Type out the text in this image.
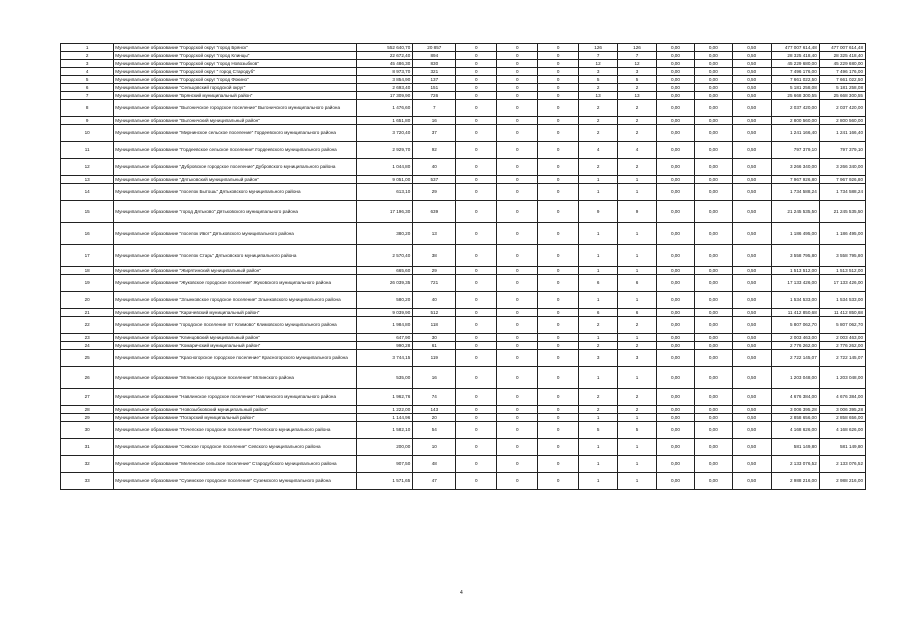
1	Муниципальное образование "Городской округ "город Брянск"	552 640,70	20 857	0	0	0	126	126	0,00	0,00	0,50	477 007 614,48	477 007 614,48
2	Муниципальное образование "Городской округ "город Клинцы"	22 672,40	894	0	0	0	7	7	0,00	0,00	0,50	28 325 418,40	28 325 418,40
3	Муниципальное образование "Городской округ "город Новозыбков"	45 486,30	830	0	0	0	12	12	0,00	0,00	0,50	45 229 680,00	45 229 680,00
4	Муниципальное образование "Городской округ " город Стародуб"	8 973,70	321	0	0	0	3	3	0,00	0,00	0,50	7 496 176,00	7 496 176,00
5	Муниципальное образование "Городской округ "город Фокино"	3 854,90	137	0	0	0	5	5	0,00	0,00	0,50	7 661 022,50	7 661 022,50
6	Муниципальное образование "Сельцовский городской округ"	2 693,40	151	0	0	0	2	2	0,00	0,00	0,50	5 181 258,08	5 181 258,08
7	Муниципальное образование "Брянский муниципальный район"	17 309,90	726	0	0	0	13	13	0,00	0,00	0,50	25 668 300,55	25 668 300,55
8	Муниципальное образование "Выгоничское городское поселение" Выгоничского муниципального района	1 476,60	7	0	0	0	2	2	0,00	0,00	0,50	2 037 420,00	2 037 420,00
9	Муниципальное образование "Выгоничский муниципальный район"	1 651,80	16	0	0	0	2	2	0,00	0,00	0,50	2 800 560,00	2 800 560,00
10	Муниципальное образование "Мирнинское сельское поселение" Гордеевского муниципального района	3 720,40	37	0	0	0	2	2	0,00	0,00	0,50	1 241 166,40	1 241 166,40
11	Муниципальное образование "Гордеевское сельское поселение" Гордеевского муниципального района	2 929,70	92	0	0	0	4	4	0,00	0,00	0,50	797 379,10	797 379,10
12	Муниципальное образование "Дубровское городское поселение" Дубровского муниципального района	1 044,80	40	0	0	0	2	2	0,00	0,00	0,50	3 266 340,00	3 266 340,00
13	Муниципальное образование "Дятьковский муниципальный район"	9 051,00	537	0	0	0	1	1	0,00	0,00	0,50	7 967 926,80	7 967 926,80
14	Муниципальное образование "поселок Бытошь" Дятьковского муниципального района	613,10	29	0	0	0	1	1	0,00	0,00	0,50	1 734 588,24	1 734 588,24
15	Муниципальное образование "город Дятьково" Дятьковского муниципального района	17 196,30	639	0	0	0	9	9	0,00	0,00	0,50	21 245 535,50	21 245 535,50
16	Муниципальное образование "поселок Ивот" Дятьковского муниципального района	380,20	13	0	0	0	1	1	0,00	0,00	0,50	1 186 495,00	1 186 495,00
17	Муниципальное образование "поселок Старь" Дятьковского муниципального района	2 570,40	38	0	0	0	1	1	0,00	0,00	0,50	3 558 795,80	3 558 795,80
18	Муниципальное образование "Жирятинский муниципальный район"	665,60	29	0	0	0	1	1	0,00	0,00	0,50	1 513 512,00	1 513 512,00
19	Муниципальное образование "Жуковское городское поселение" Жуковского муниципального района	26 039,35	721	0	0	0	6	6	0,00	0,00	0,50	17 133 426,00	17 133 426,00
20	Муниципальное образование "Злынковское городское поселение" Злынковского муниципального района	580,20	40	0	0	0	1	1	0,00	0,00	0,50	1 534 533,00	1 534 533,00
21	Муниципальное образование "Карачевский муниципальный район"	9 039,90	512	0	0	0	6	6	0,00	0,00	0,50	11 412 850,68	11 412 850,68
22	Муниципальное образование "городское поселение пгт Климово" Климовского муниципального района	1 984,80	118	0	0	0	2	2	0,00	0,00	0,50	5 807 062,70	5 807 062,70
23	Муниципальное образование "Клинцовский муниципальный район"	647,90	30	0	0	0	1	1	0,00	0,00	0,50	2 003 463,00	2 003 463,00
24	Муниципальное образование "Комаричский муниципальный район"	990,28	61	0	0	0	2	2	0,00	0,00	0,50	2 776 262,00	2 776 262,00
25	Муниципальное образование "Красногорское городское поселение" Красногорского муниципального района	3 744,15	119	0	0	0	3	3	0,00	0,00	0,50	2 722 145,07	2 722 145,07
26	Муниципальное образование "Мглинское городское поселение" Мглинского района	535,00	16	0	0	0	1	1	0,00	0,00	0,50	1 203 048,00	1 203 048,00
27	Муниципальное образование "Навлинское городское поселение" Навлинского муниципального района	1 962,76	74	0	0	0	2	2	0,00	0,00	0,50	4 676 384,00	4 676 384,00
28	Муниципальное образование "Новозыбковский муниципальный район"	1 222,00	143	0	0	0	2	2	0,00	0,00	0,50	3 006 395,28	3 006 395,28
29	Муниципальное образование "Погарский муниципальный район"	1 144,96	20	0	0	0	1	1	0,00	0,00	0,50	2 858 656,00	2 858 656,00
30	Муниципальное образование "Почепское городское поселение" Почепского муниципального района	1 582,10	54	0	0	0	5	5	0,00	0,00	0,50	4 168 626,00	4 168 626,00
31	Муниципальное образование "Севское городское поселение" Севского муниципального района	200,00	10	0	0	0	1	1	0,00	0,00	0,50	581 149,80	581 149,80
32	Муниципальное образование "Меленское сельское поселение" Стародубского муниципального района	907,50	48	0	0	0	1	1	0,00	0,00	0,50	2 133 076,52	2 133 076,52
33	Муниципальное образование "Суземское городское поселение" Суземского муниципального района	1 571,65	47	0	0	0	1	1	0,00	0,00	0,50	2 988 216,00	2 988 216,00
4
